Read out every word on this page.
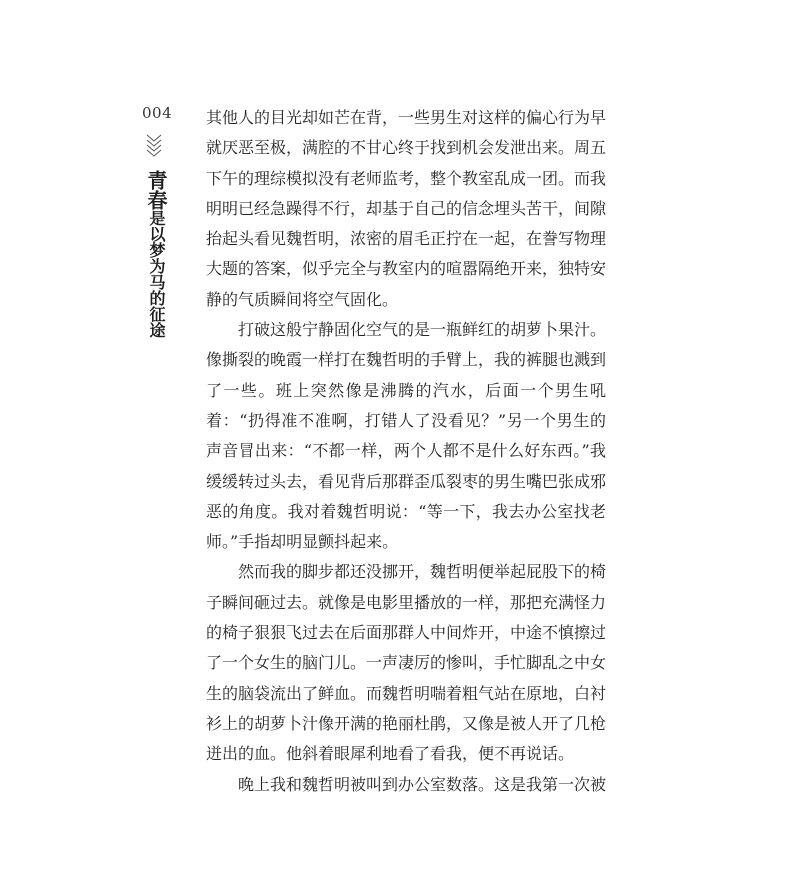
004
青春是以梦为马的征途

其他人的目光却如芒在背，一些男生对这样的偏心行为早就厌恶至极，满腔的不甘心终于找到机会发泄出来。周五下午的理综模拟没有老师监考，整个教室乱成一团。而我明明已经急躁得不行，却基于自己的信念埋头苦干，间隙抬起头看见魏哲明，浓密的眉毛正拧在一起，在誊写物理大题的答案，似乎完全与教室内的喧嚣隔绝开来，独特安静的气质瞬间将空气固化。

打破这般宁静固化空气的是一瓶鲜红的胡萝卜果汁。像撕裂的晚霞一样打在魏哲明的手臂上，我的裤腿也溅到了一些。班上突然像是沸腾的汽水，后面一个男生吼着：“扔得准不准啊，打错人了没看见？”另一个男生的声音冒出来：“不都一样，两个人都不是什么好东西。”我缓缓转过头去，看见背后那群歪瓜裂枣的男生嘴巴张成邪恶的角度。我对着魏哲明说：“等一下，我去办公室找老师。”手指却明显颤抖起来。

然而我的脚步都还没挪开，魏哲明便举起屁股下的椅子瞬间砸过去。就像是电影里播放的一样，那把充满怪力的椅子狠狠飞过去在后面那群人中间炸开，中途不慎擦过了一个女生的脑门儿。一声凄厉的惨叫，手忙脚乱之中女生的脑袋流出了鲜血。而魏哲明喘着粗气站在原地，白衬衫上的胡萝卜汁像开满的艳丽杜鹃，又像是被人开了几枪迸出的血。他斜着眼犀利地看了看我，便不再说话。

晚上我和魏哲明被叫到办公室数落。这是我第一次被
